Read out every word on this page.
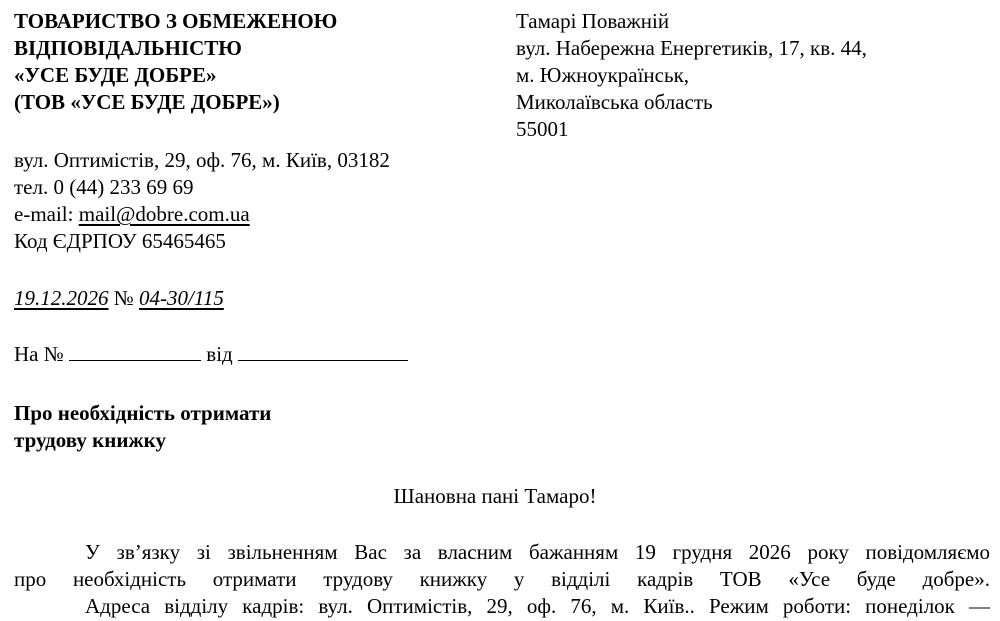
ТОВАРИСТВО З ОБМЕЖЕНОЮ
ВІДПОВІДАЛЬНІСТЮ
«УСЕ БУДЕ ДОБРЕ»
(ТОВ «УСЕ БУДЕ ДОБРЕ»)
вул. Оптимістів, 29, оф. 76, м. Київ, 03182
тел. 0 (44) 233 69 69
e-mail: mail@dobre.com.ua
Код ЄДРПОУ 65465465
Тамарі Поважній
вул. Набережна Енергетиків, 17, кв. 44,
м. Южноукраїнськ,
Миколаївська область
55001
19.12.2026 № 04-30/115
На №	від
Про необхідність отримати
трудову книжку
Шановна пані Тамаро!
У зв’язку зі звільненням Вас за власним бажанням 19 грудня 2026 року повідомляємо
про необхідність отримати трудову книжку у відділі кадрів ТОВ «Усе буде добре».
Адреса відділу кадрів: вул. Оптимістів, 29, оф. 76, м. Київ.. Режим роботи: понеділок —
